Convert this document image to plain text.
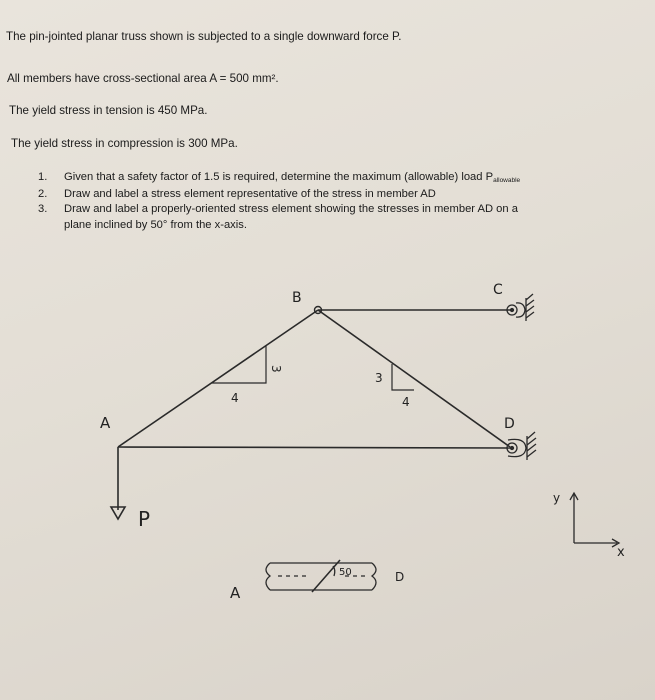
The pin-jointed planar truss shown is subjected to a single downward force P.
All members have cross-sectional area A = 500 mm².
The yield stress in tension is 450 MPa.
The yield stress in compression is 300 MPa.
1.	Given that a safety factor of 1.5 is required, determine the maximum (allowable) load Pallowable
2.	Draw and label a stress element representative of the stress in member AD
3.	Draw and label a properly-oriented stress element showing the stresses in member AD on a
plane inclined by 50° from the x-axis.
B	C
A	D
P
3
4
3
4
y
x
A
D
50
